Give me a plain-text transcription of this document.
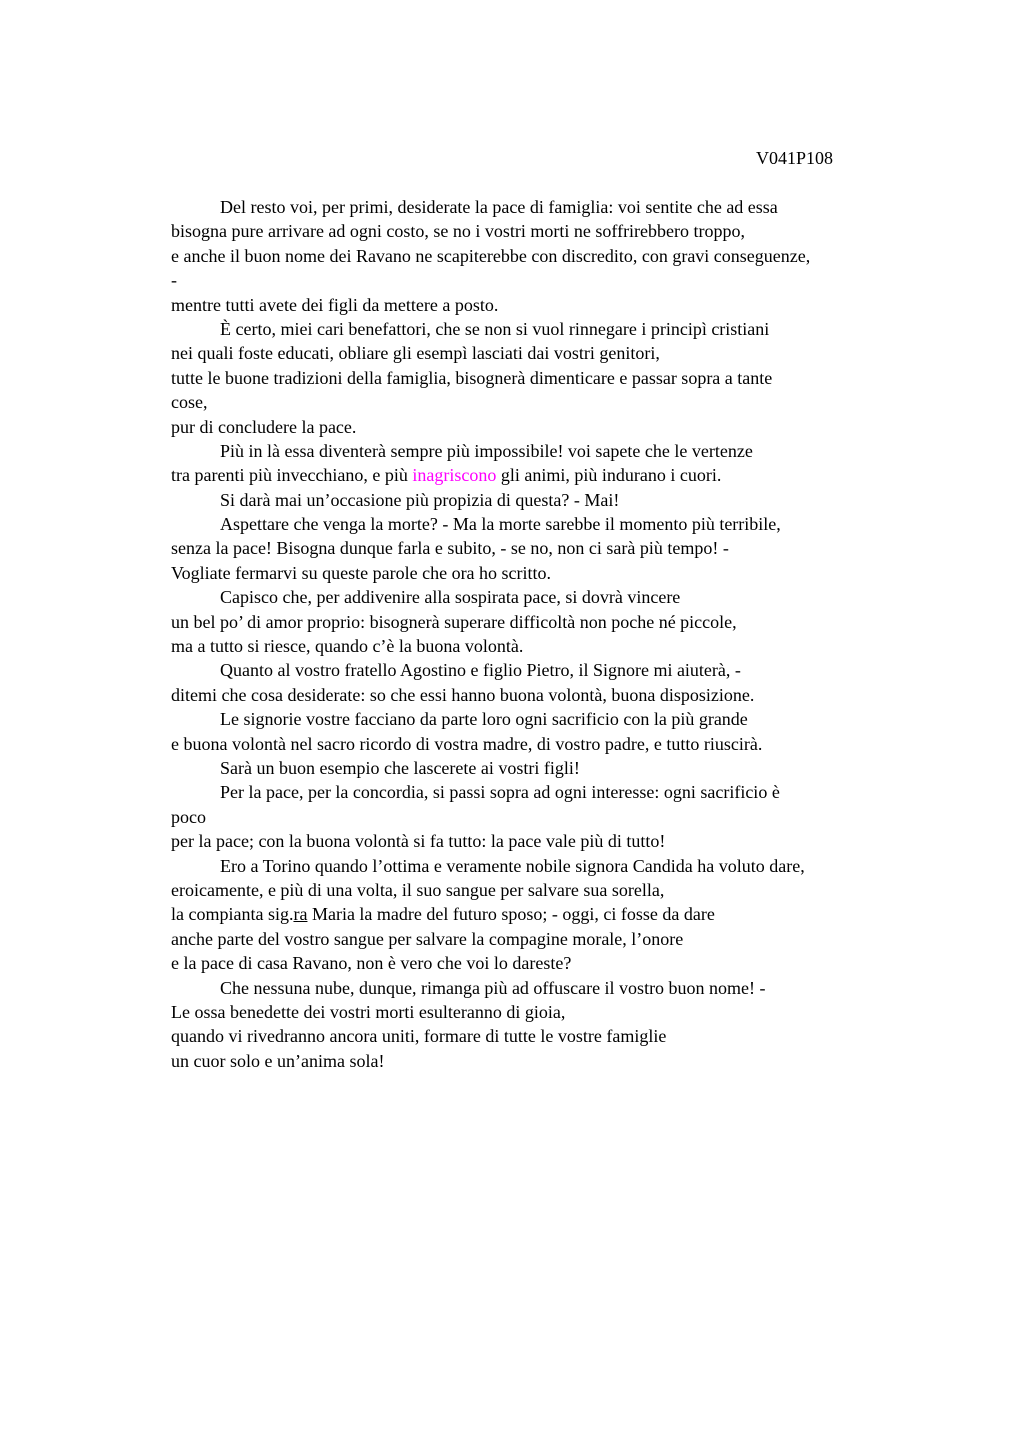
V041P108
Del resto voi, per primi, desiderate la pace di famiglia: voi sentite che ad essa
bisogna pure arrivare ad ogni costo, se no i vostri morti ne soffrirebbero troppo,
e anche il buon nome dei Ravano ne scapiterebbe con discredito, con gravi conseguenze,
-
mentre tutti avete dei figli da mettere a posto.
È certo, miei cari benefattori, che se non si vuol rinnegare i principì cristiani
nei quali foste educati, obliare gli esempì lasciati dai vostri genitori,
tutte le buone tradizioni della famiglia, bisognerà dimenticare e passar sopra a tante
cose,
pur di concludere la pace.
Più in là essa diventerà sempre più impossibile! voi sapete che le vertenze
tra parenti più invecchiano, e più inagriscono gli animi, più indurano i cuori.
Si darà mai un’occasione più propizia di questa? - Mai!
Aspettare che venga la morte? - Ma la morte sarebbe il momento più terribile,
senza la pace! Bisogna dunque farla e subito, - se no, non ci sarà più tempo! -
Vogliate fermarvi su queste parole che ora ho scritto.
Capisco che, per addivenire alla sospirata pace, si dovrà vincere
un bel po’ di amor proprio: bisognerà superare difficoltà non poche né piccole,
ma a tutto si riesce, quando c’è la buona volontà.
Quanto al vostro fratello Agostino e figlio Pietro, il Signore mi aiuterà, -
ditemi che cosa desiderate: so che essi hanno buona volontà, buona disposizione.
Le signorie vostre facciano da parte loro ogni sacrificio con la più grande
e buona volontà nel sacro ricordo di vostra madre, di vostro padre, e tutto riuscirà.
Sarà un buon esempio che lascerete ai vostri figli!
Per la pace, per la concordia, si passi sopra ad ogni interesse: ogni sacrificio è
poco
per la pace; con la buona volontà si fa tutto: la pace vale più di tutto!
Ero a Torino quando l’ottima e veramente nobile signora Candida ha voluto dare,
eroicamente, e più di una volta, il suo sangue per salvare sua sorella,
la compianta sig.ra Maria la madre del futuro sposo; - oggi, ci fosse da dare
anche parte del vostro sangue per salvare la compagine morale, l’onore
e la pace di casa Ravano, non è vero che voi lo dareste?
Che nessuna nube, dunque, rimanga più ad offuscare il vostro buon nome! -
Le ossa benedette dei vostri morti esulteranno di gioia,
quando vi rivedranno ancora uniti, formare di tutte le vostre famiglie
un cuor solo e un’anima sola!
